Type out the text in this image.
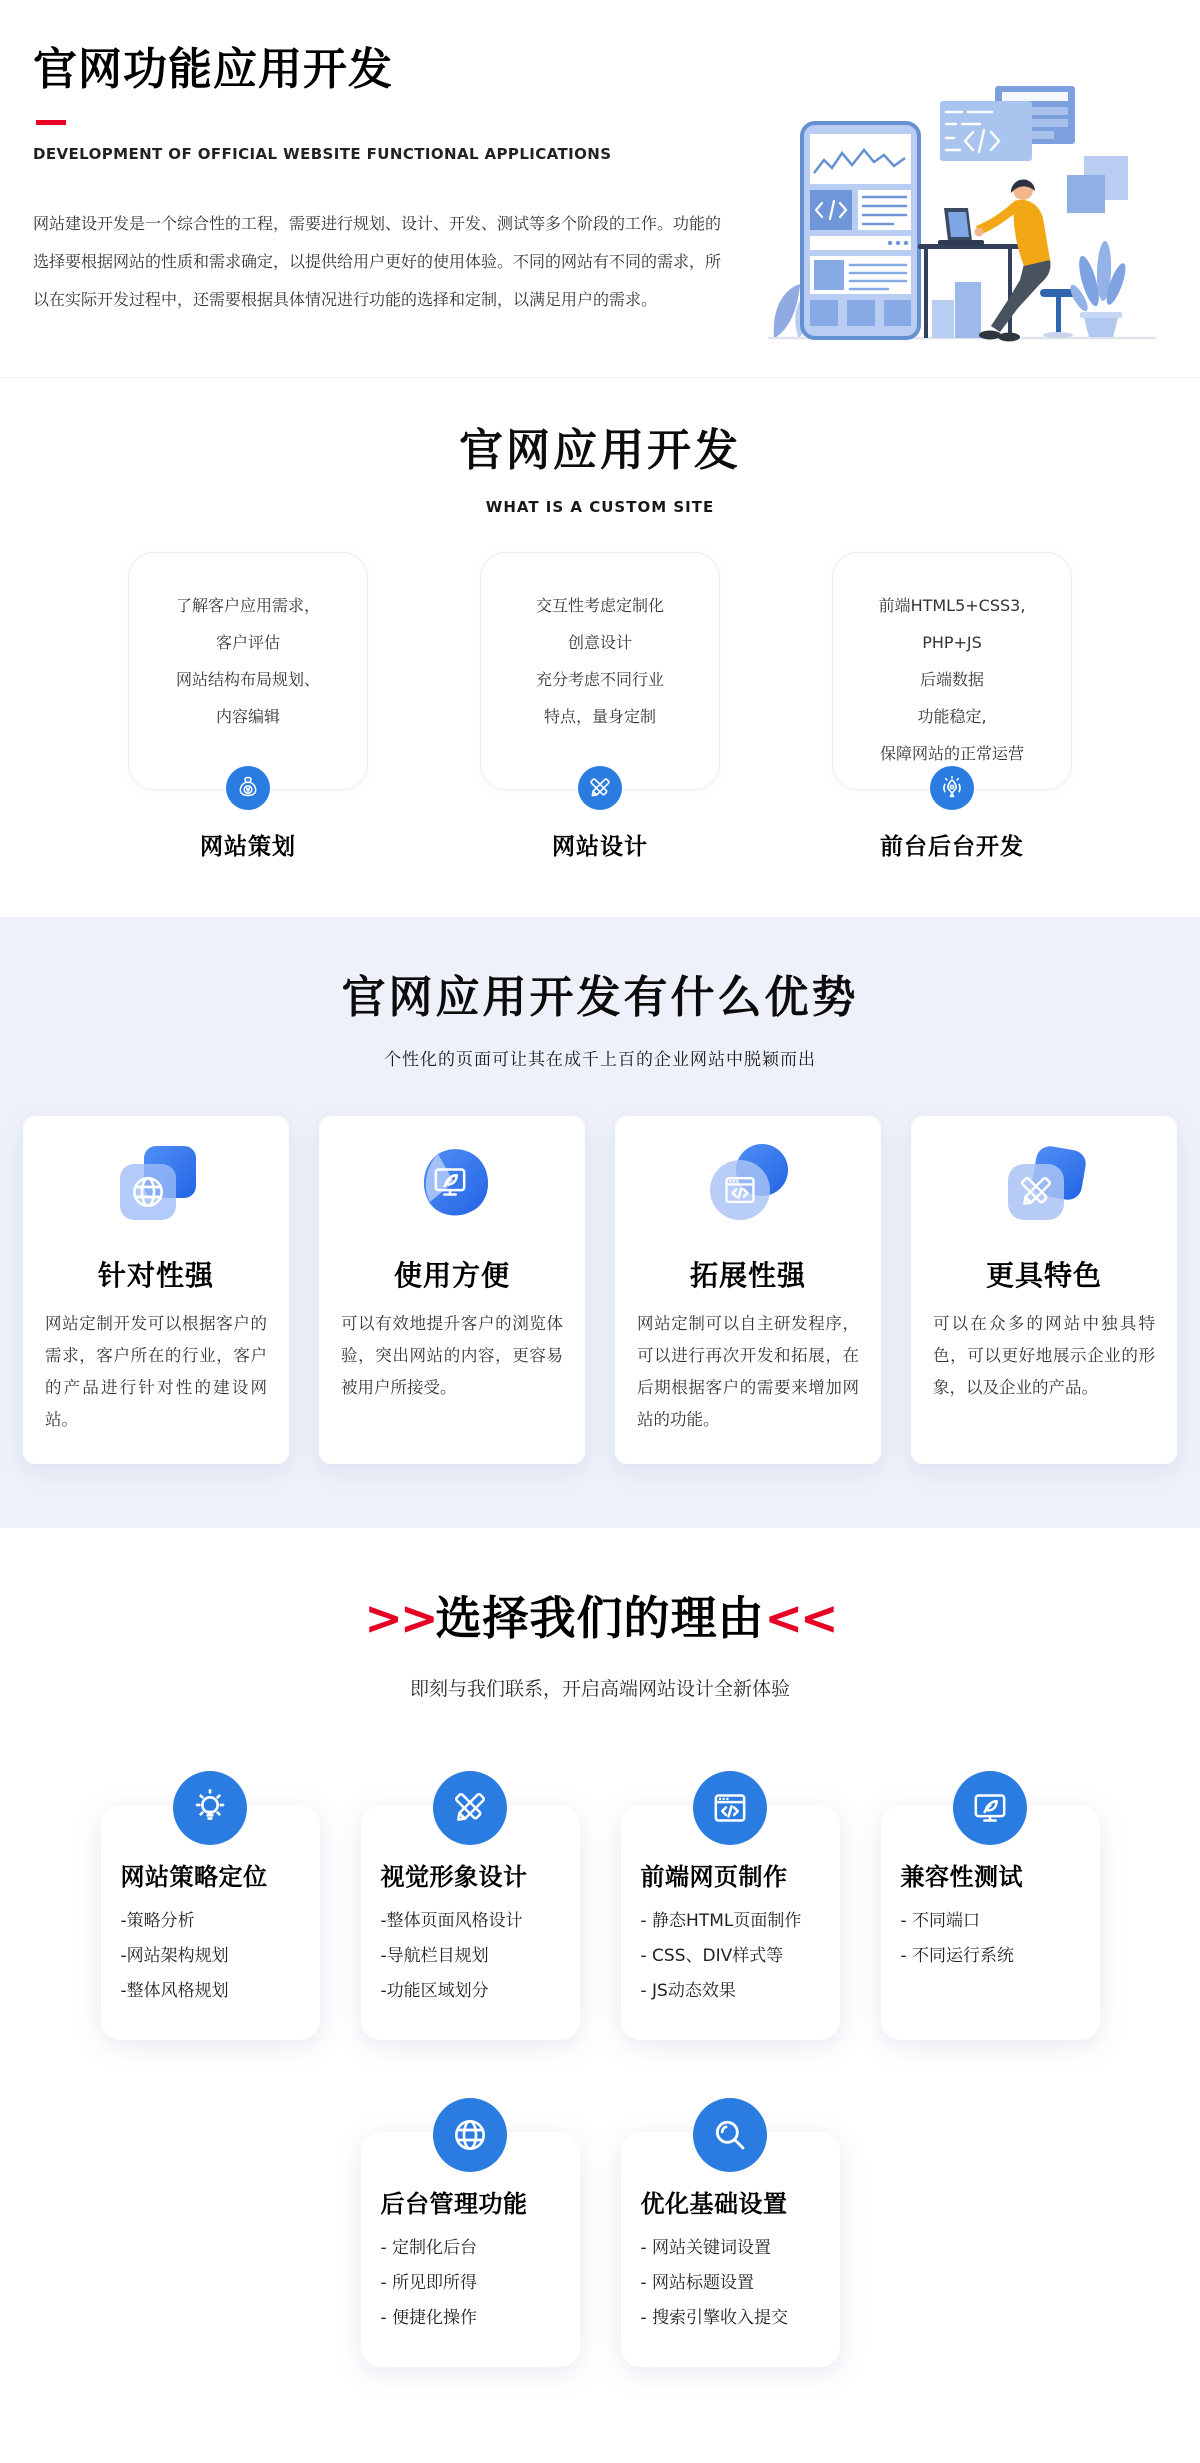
官网功能应用开发
DEVELOPMENT OF OFFICIAL WEBSITE FUNCTIONAL APPLICATIONS

网站建设开发是一个综合性的工程，需要进行规划、设计、开发、测试等多个阶段的工作。功能的选择要根据网站的性质和需求确定，以提供给用户更好的使用体验。不同的网站有不同的需求，所以在实际开发过程中，还需要根据具体情况进行功能的选择和定制，以满足用户的需求。

官网应用开发
WHAT IS A CUSTOM SITE
了解客户应用需求，
客户评估
网站结构布局规划、
内容编辑
网站策划
交互性考虑定制化
创意设计
充分考虑不同行业
特点，量身定制
网站设计
前端HTML5+CSS3,
PHP+JS
后端数据
功能稳定,
保障网站的正常运营
前台后台开发
官网应用开发有什么优势
个性化的页面可让其在成千上百的企业网站中脱颖而出
针对性强
网站定制开发可以根据客户的需求，客户所在的行业，客户的产品进行针对性的建设网站。
使用方便
可以有效地提升客户的浏览体验，突出网站的内容，更容易被用户所接受。
拓展性强
网站定制可以自主研发程序，可以进行再次开发和拓展，在后期根据客户的需要来增加网站的功能。
更具特色
可以在众多的网站中独具特色，可以更好地展示企业的形象，以及企业的产品。
>>选择我们的理由<<
即刻与我们联系，开启高端网站设计全新体验
网站策略定位
-策略分析
-网站架构规划
-整体风格规划
视觉形象设计
-整体页面风格设计
-导航栏目规划
-功能区域划分
前端网页制作
- 静态HTML页面制作
- CSS、DIV样式等
- JS动态效果
兼容性测试
- 不同端口
- 不同运行系统
后台管理功能
- 定制化后台
- 所见即所得
- 便捷化操作
优化基础设置
- 网站关键词设置
- 网站标题设置
- 搜索引擎收入提交
